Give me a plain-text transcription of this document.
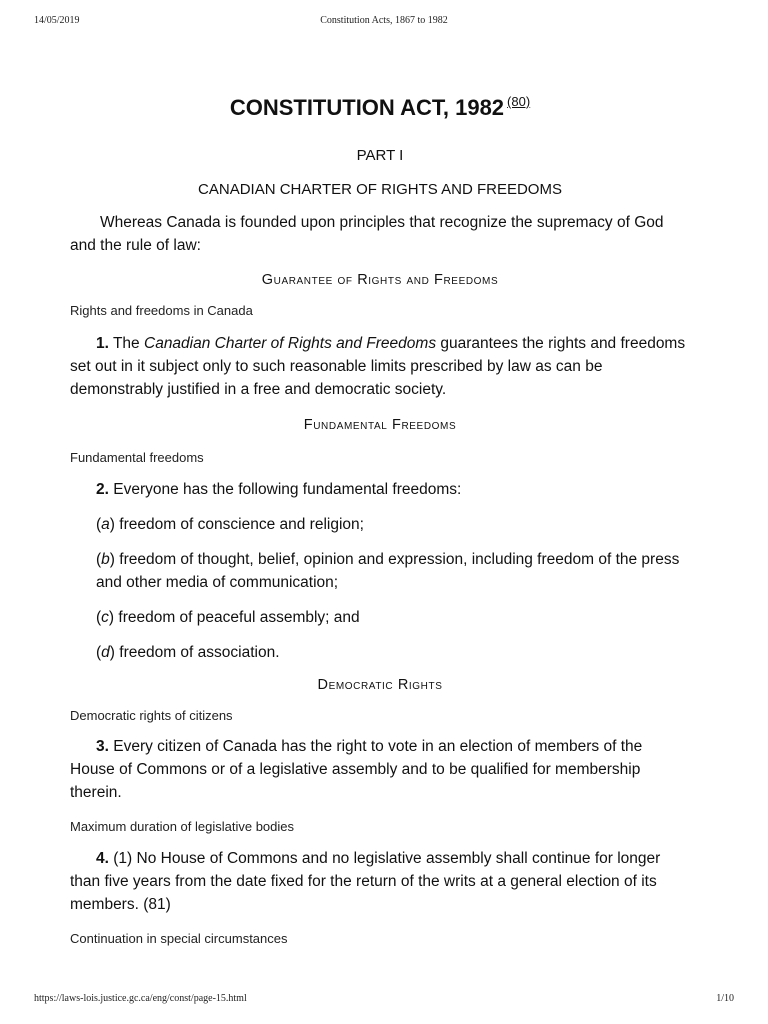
14/05/2019	Constitution Acts, 1867 to 1982
CONSTITUTION ACT, 1982 $^{(80)}$
PART I
CANADIAN CHARTER OF RIGHTS AND FREEDOMS

Whereas Canada is founded upon principles that recognize the supremacy of God and the rule of law:

Guarantee of Rights and Freedoms
Rights and freedoms in Canada

1. The Canadian Charter of Rights and Freedoms guarantees the rights and freedoms set out in it subject only to such reasonable limits prescribed by law as can be demonstrably justified in a free and democratic society.

Fundamental Freedoms
Fundamental freedoms

2. Everyone has the following fundamental freedoms:

(a) freedom of conscience and religion;

(b) freedom of thought, belief, opinion and expression, including freedom of the press and other media of communication;

(c) freedom of peaceful assembly; and

(d) freedom of association.

Democratic Rights
Democratic rights of citizens

3. Every citizen of Canada has the right to vote in an election of members of the House of Commons or of a legislative assembly and to be qualified for membership therein.

Maximum duration of legislative bodies

4. (1) No House of Commons and no legislative assembly shall continue for longer than five years from the date fixed for the return of the writs at a general election of its members. (81)

Continuation in special circumstances
https://laws-lois.justice.gc.ca/eng/const/page-15.html	1/10
